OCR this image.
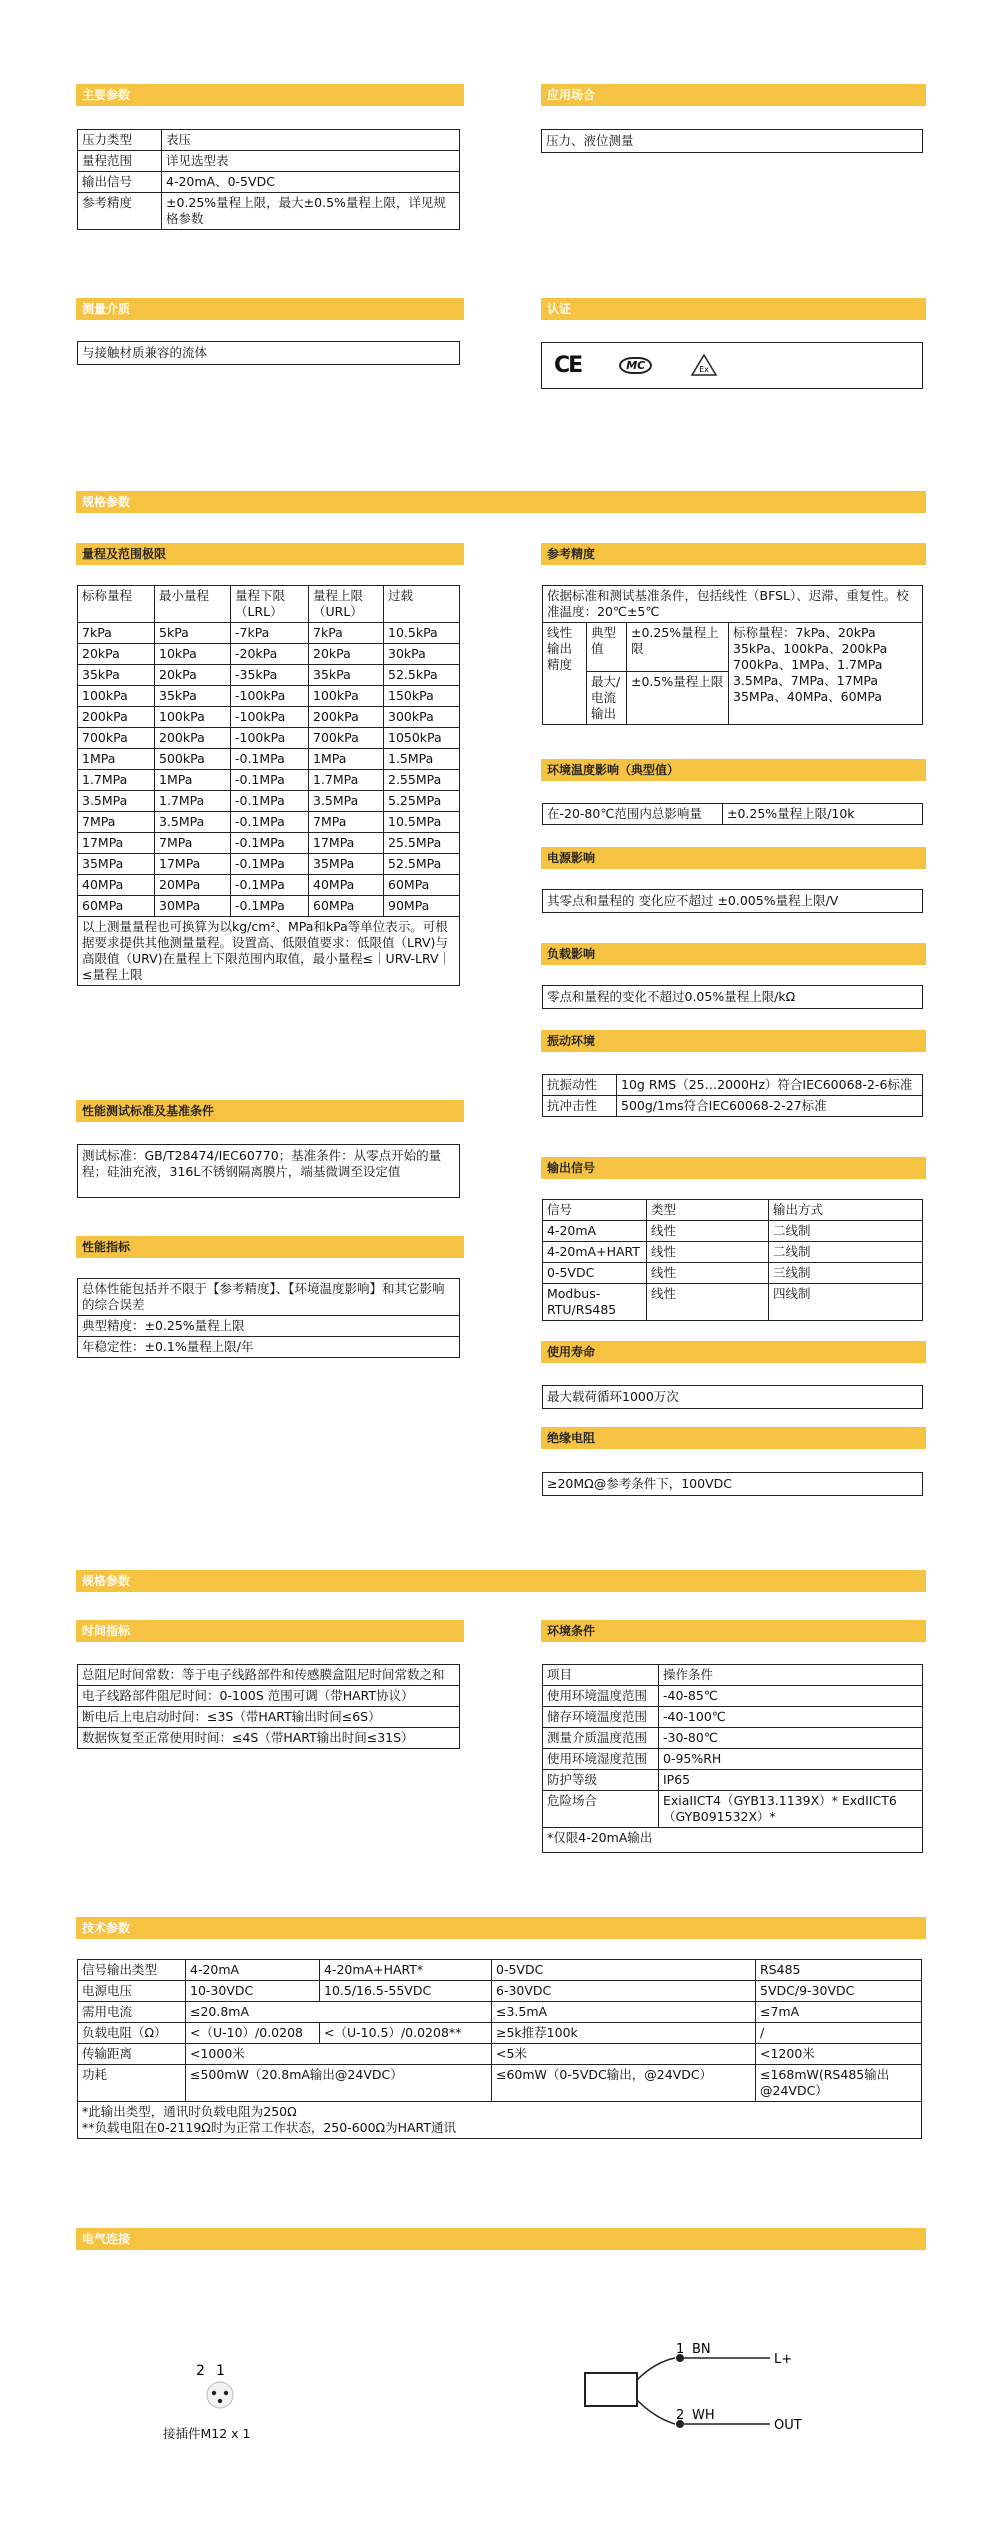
主要参数
压力类型	表压
量程范围	详见选型表
输出信号	4-20mA、0-5VDC
参考精度	±0.25%量程上限，最大±0.5%量程上限，详见规格参数
应用场合
压力、液位测量
测量介质
与接触材质兼容的流体
认证
CE	MC	Ex
规格参数
量程及范围极限
标称量程	最小量程	量程下限（LRL）	量程上限（URL）	过载
7kPa	5kPa	-7kPa	7kPa	10.5kPa
20kPa	10kPa	-20kPa	20kPa	30kPa
35kPa	20kPa	-35kPa	35kPa	52.5kPa
100kPa	35kPa	-100kPa	100kPa	150kPa
200kPa	100kPa	-100kPa	200kPa	300kPa
700kPa	200kPa	-100kPa	700kPa	1050kPa
1MPa	500kPa	-0.1MPa	1MPa	1.5MPa
1.7MPa	1MPa	-0.1MPa	1.7MPa	2.55MPa
3.5MPa	1.7MPa	-0.1MPa	3.5MPa	5.25MPa
7MPa	3.5MPa	-0.1MPa	7MPa	10.5MPa
17MPa	7MPa	-0.1MPa	17MPa	25.5MPa
35MPa	17MPa	-0.1MPa	35MPa	52.5MPa
40MPa	20MPa	-0.1MPa	40MPa	60MPa
60MPa	30MPa	-0.1MPa	60MPa	90MPa
以上测量量程也可换算为以kg/cm²、MPa和kPa等单位表示。可根据要求提供其他测量量程。设置高、低限值要求：低限值（LRV)与高限值（URV)在量程上下限范围内取值，最小量程≤｜URV-LRV｜≤量程上限				
性能测试标准及基准条件
测试标准：GB/T28474/IEC60770；基准条件：从零点开始的量程；硅油充液，316L不锈钢隔离膜片，端基微调至设定值
性能指标
总体性能包括并不限于【参考精度】、【环境温度影响】和其它影响的综合误差
典型精度：±0.25%量程上限
年稳定性：±0.1%量程上限/年
参考精度
依据标准和测试基准条件，包括线性（BFSL）、迟滞、重复性。校准温度：20℃±5℃			
线性输出精度	典型值	±0.25%量程上限	标称量程：7kPa、20kPa 35kPa、100kPa、200kPa 700kPa、1MPa、1.7MPa 3.5MPa、7MPa、17MPa 35MPa、40MPa、60MPa
	最大/电流输出	±0.5%量程上限	
环境温度影响（典型值）
在-20-80℃范围内总影响量	±0.25%量程上限/10k
电源影响
其零点和量程的 变化应不超过 ±0.005%量程上限/V
负载影响
零点和量程的变化不超过0.05%量程上限/kΩ
振动环境
抗振动性	10g RMS（25…2000Hz）符合IEC60068-2-6标准
抗冲击性	500g/1ms符合IEC60068-2-27标准
输出信号
信号	类型	输出方式
4-20mA	线性	二线制
4-20mA+HART	线性	二线制
0-5VDC	线性	三线制
Modbus-RTU/RS485	线性	四线制
使用寿命
最大载荷循环1000万次
绝缘电阻
≥20MΩ@参考条件下，100VDC
规格参数
时间指标
总阻尼时间常数：等于电子线路部件和传感膜盒阻尼时间常数之和
电子线路部件阻尼时间：0-100S 范围可调（带HART协议）
断电后上电启动时间：≤3S（带HART输出时间≤6S）
数据恢复至正常使用时间：≤4S（带HART输出时间≤31S）
环境条件
项目	操作条件
使用环境温度范围	-40-85℃
储存环境温度范围	-40-100℃
测量介质温度范围	-30-80℃
使用环境湿度范围	0-95%RH
防护等级	IP65
危险场合	ExiaIICT4（GYB13.1139X）* ExdIICT6（GYB091532X）*
*仅限4-20mA输出	
技术参数
信号输出类型	4-20mA	4-20mA+HART*	0-5VDC	RS485
电源电压	10-30VDC	10.5/16.5-55VDC	6-30VDC	5VDC/9-30VDC
需用电流	≤20.8mA		≤3.5mA	≤7mA
负载电阻（Ω）	<（U-10）/0.0208	<（U-10.5）/0.0208**	≥5k推荐100k	/
传输距离	<1000米		<5米	<1200米
功耗	≤500mW（20.8mA输出@24VDC）		≤60mW（0-5VDC输出，@24VDC）	≤168mW(RS485输出@24VDC）

*此输出类型，通讯时负载电阻为250Ω
**负载电阻在0-2119Ω时为正常工作状态，250-600Ω为HART通讯				
电气连接
2 1
接插件M12 x 1
1 BN
L+
2 WH
OUT
